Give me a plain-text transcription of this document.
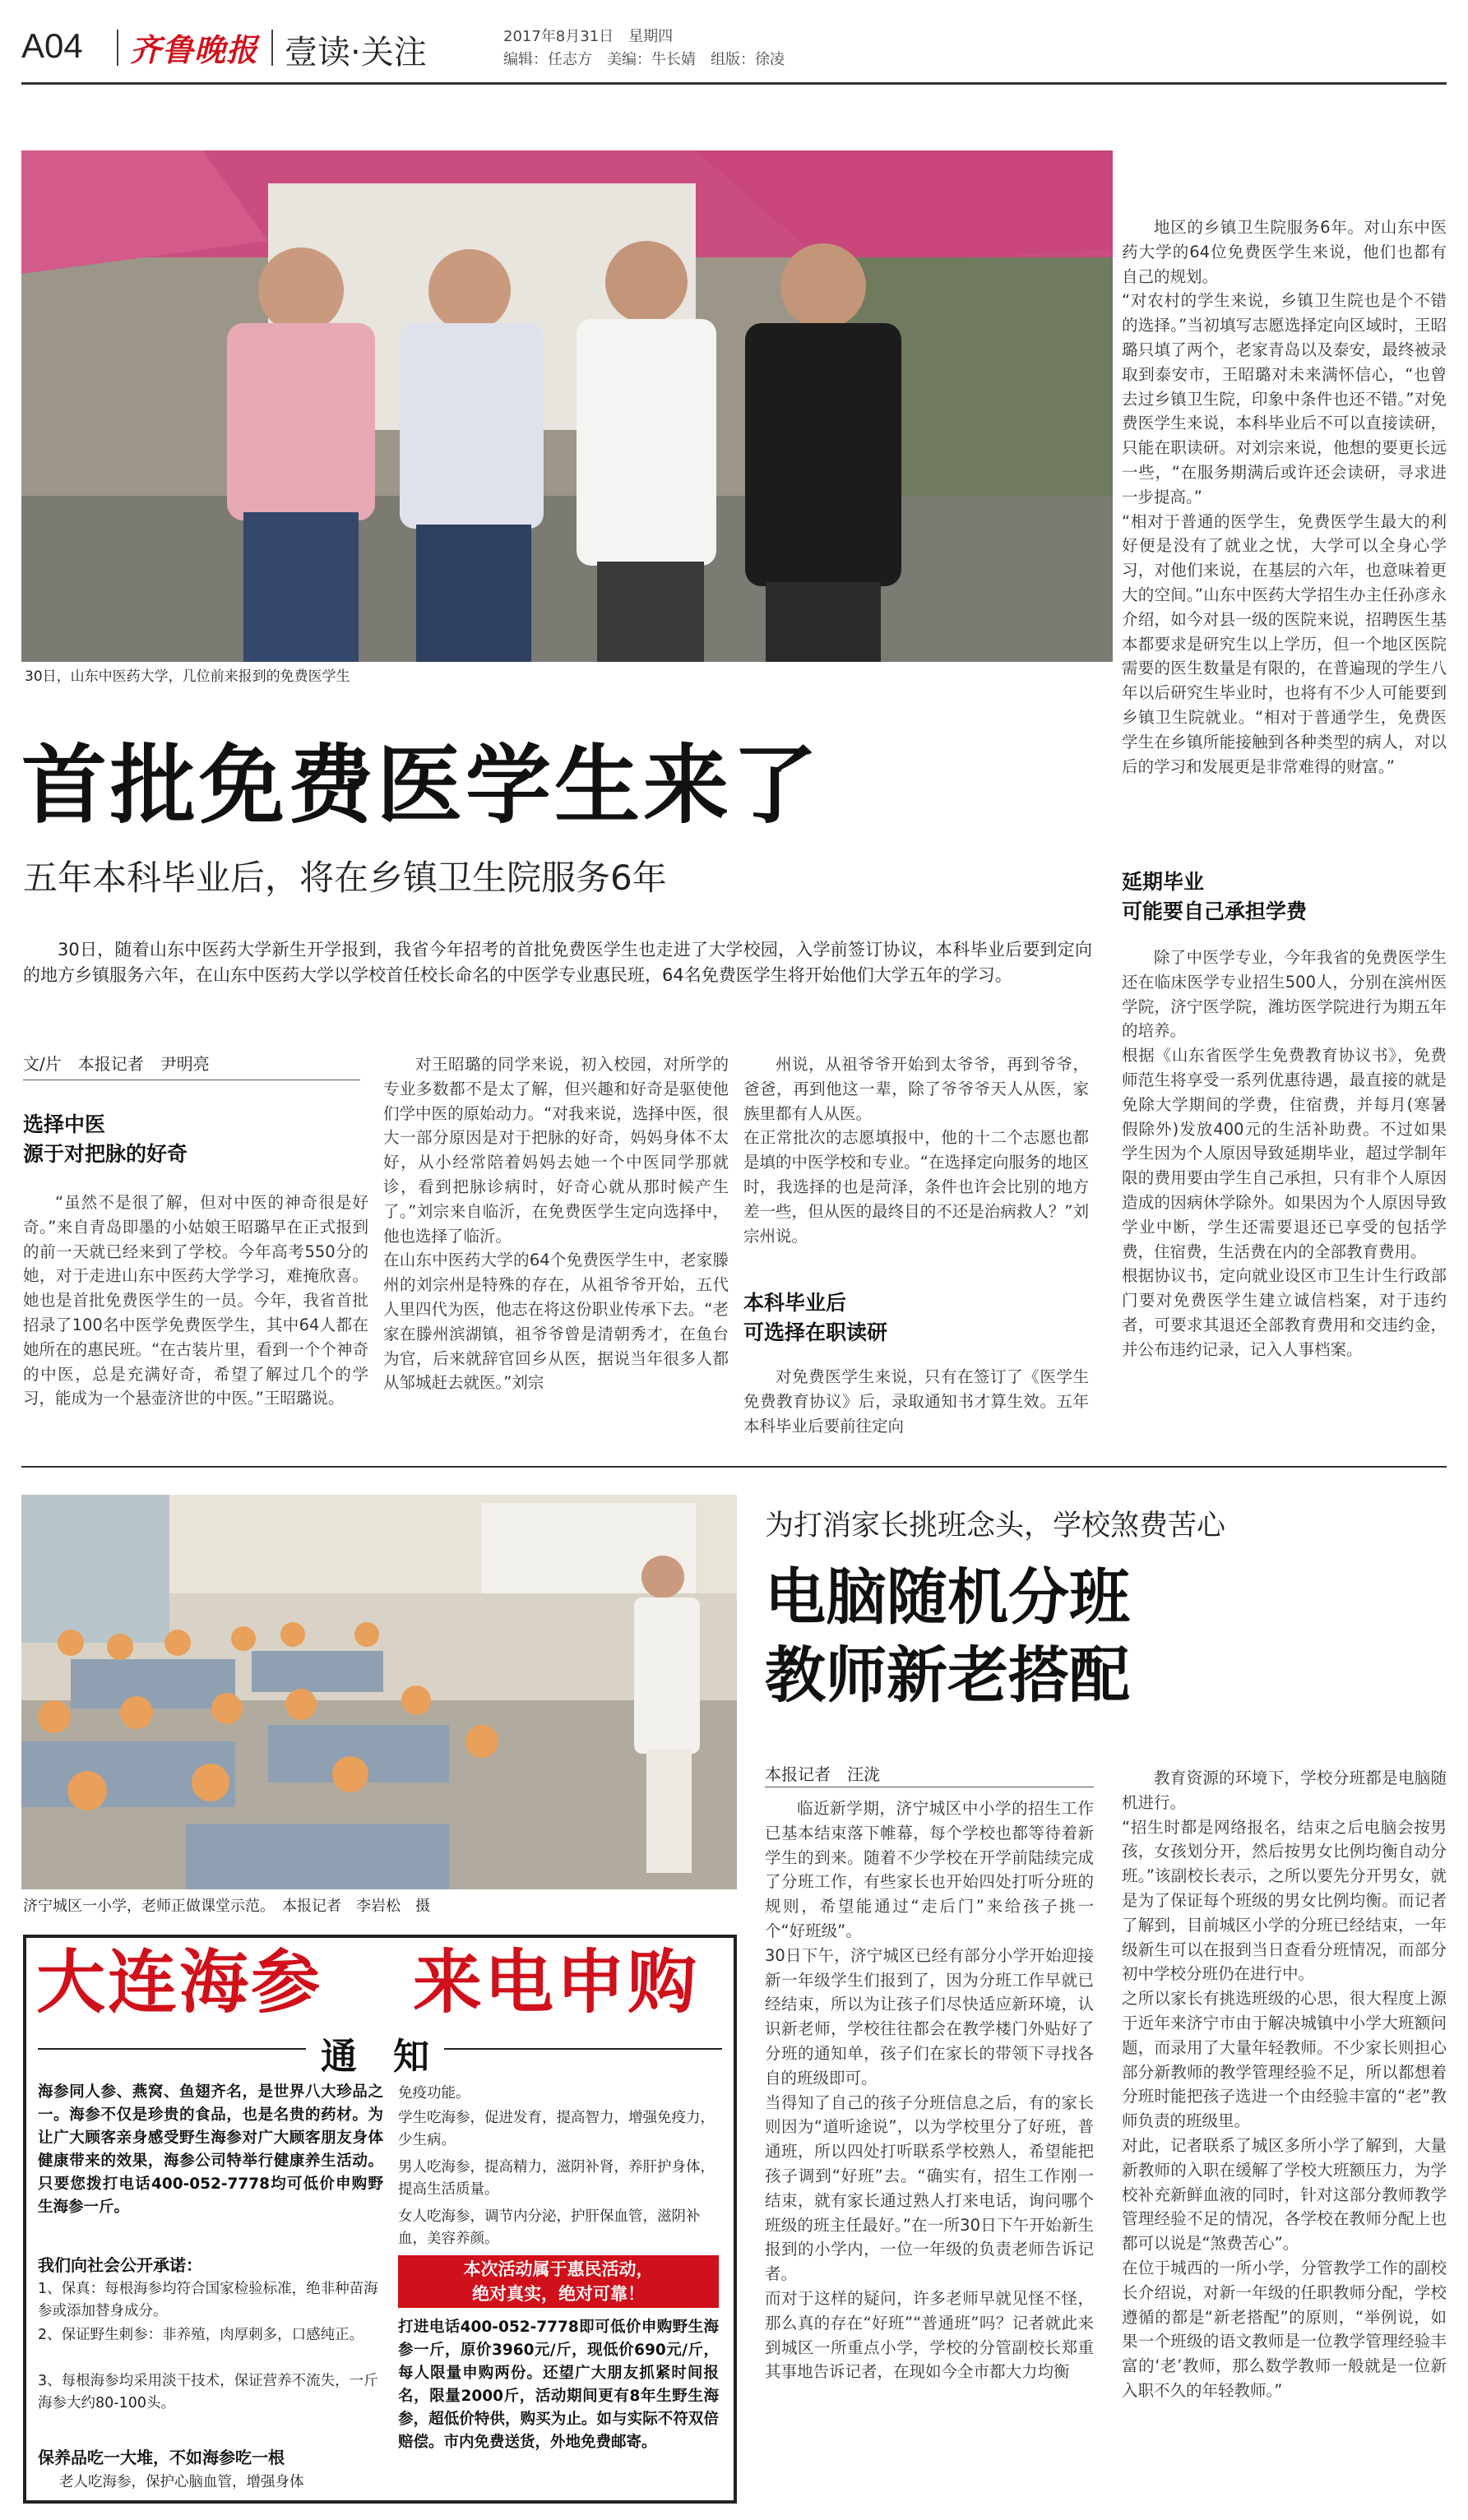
A04 齐鲁晚报 壹读·关注	2017年8月31日　星期四
编辑：任志方　美编：牛长婧　组版：徐凌
30日，山东中医药大学，几位前来报到的免费医学生
首批免费医学生来了
五年本科毕业后，将在乡镇卫生院服务6年
30日，随着山东中医药大学新生开学报到，我省今年招考的首批免费医学生也走进了大学校园，入学前签订协议，本科毕业后要到定向的地方乡镇服务六年，在山东中医药大学以学校首任校长命名的中医学专业惠民班，64名免费医学生将开始他们大学五年的学习。
文/片　本报记者　尹明亮
选择中医
源于对把脉的好奇

“虽然不是很了解，但对中医的神奇很是好奇。”来自青岛即墨的小姑娘王昭璐早在正式报到的前一天就已经来到了学校。今年高考550分的她，对于走进山东中医药大学学习，难掩欣喜。她也是首批免费医学生的一员。今年，我省首批招录了100名中医学免费医学生，其中64人都在她所在的惠民班。“在古装片里，看到一个个神奇的中医，总是充满好奇，希望了解过几个的学习，能成为一个悬壶济世的中医。”王昭璐说。

对王昭璐的同学来说，初入校园，对所学的专业多数都不是太了解，但兴趣和好奇是驱使他们学中医的原始动力。“对我来说，选择中医，很大一部分原因是对于把脉的好奇，妈妈身体不太好，从小经常陪着妈妈去她一个中医同学那就诊，看到把脉诊病时，好奇心就从那时候产生了。”刘宗来自临沂，在免费医学生定向选择中，他也选择了临沂。
在山东中医药大学的64个免费医学生中，老家滕州的刘宗州是特殊的存在，从祖爷爷开始，五代人里四代为医，他志在将这份职业传承下去。“老家在滕州滨湖镇，祖爷爷曾是清朝秀才，在鱼台为官，后来就辞官回乡从医，据说当年很多人都从邹城赶去就医。”刘宗

州说，从祖爷爷开始到太爷爷，再到爷爷，爸爸，再到他这一辈，除了爷爷爷天人从医，家族里都有人从医。
在正常批次的志愿填报中，他的十二个志愿也都是填的中医学校和专业。“在选择定向服务的地区时，我选择的也是菏泽，条件也许会比别的地方差一些，但从医的最终目的不还是治病救人？”刘宗州说。

本科毕业后
可选择在职读研

对免费医学生来说，只有在签订了《医学生免费教育协议》后，录取通知书才算生效。五年本科毕业后要前往定向

地区的乡镇卫生院服务6年。对山东中医药大学的64位免费医学生来说，他们也都有自己的规划。
“对农村的学生来说，乡镇卫生院也是个不错的选择。”当初填写志愿选择定向区域时，王昭璐只填了两个，老家青岛以及泰安，最终被录取到泰安市，王昭璐对未来满怀信心，“也曾去过乡镇卫生院，印象中条件也还不错。”对免费医学生来说，本科毕业后不可以直接读研，只能在职读研。对刘宗来说，他想的要更长远一些，“在服务期满后或许还会读研，寻求进一步提高。”
“相对于普通的医学生，免费医学生最大的利好便是没有了就业之忧，大学可以全身心学习，对他们来说，在基层的六年，也意味着更大的空间。”山东中医药大学招生办主任孙彦永介绍，如今对县一级的医院来说，招聘医生基本都要求是研究生以上学历，但一个地区医院需要的医生数量是有限的，在普遍现的学生八年以后研究生毕业时，也将有不少人可能要到乡镇卫生院就业。“相对于普通学生，免费医学生在乡镇所能接触到各种类型的病人，对以后的学习和发展更是非常难得的财富。”

延期毕业
可能要自己承担学费

除了中医学专业，今年我省的免费医学生还在临床医学专业招生500人，分别在滨州医学院，济宁医学院，潍坊医学院进行为期五年的培养。
根据《山东省医学生免费教育协议书》，免费师范生将享受一系列优惠待遇，最直接的就是免除大学期间的学费，住宿费，并每月(寒暑假除外)发放400元的生活补助费。不过如果学生因为个人原因导致延期毕业，超过学制年限的费用要由学生自己承担，只有非个人原因造成的因病休学除外。如果因为个人原因导致学业中断，学生还需要退还已享受的包括学费，住宿费，生活费在内的全部教育费用。
根据协议书，定向就业设区市卫生计生行政部门要对免费医学生建立诚信档案，对于违约者，可要求其退还全部教育费用和交违约金，并公布违约记录，记入人事档案。

济宁城区一小学，老师正做课堂示范。　本报记者　李岩松　摄
为打消家长挑班念头，学校煞费苦心
电脑随机分班
教师新老搭配
本报记者　汪泷

临近新学期，济宁城区中小学的招生工作已基本结束落下帷幕，每个学校也都等待着新学生的到来。随着不少学校在开学前陆续完成了分班工作，有些家长也开始四处打听分班的规则，希望能通过“走后门”来给孩子挑一个“好班级”。
30日下午，济宁城区已经有部分小学开始迎接新一年级学生们报到了，因为分班工作早就已经结束，所以为让孩子们尽快适应新环境，认识新老师，学校往往都会在教学楼门外贴好了分班的通知单，孩子们在家长的带领下寻找各自的班级即可。
当得知了自己的孩子分班信息之后，有的家长则因为“道听途说”，以为学校里分了好班，普通班，所以四处打听联系学校熟人，希望能把孩子调到“好班”去。“确实有，招生工作刚一结束，就有家长通过熟人打来电话，询问哪个班级的班主任最好。”在一所30日下午开始新生报到的小学内，一位一年级的负责老师告诉记者。
而对于这样的疑问，许多老师早就见怪不怪，那么真的存在“好班”“普通班”吗？记者就此来到城区一所重点小学，学校的分管副校长郑重其事地告诉记者，在现如今全市都大力均衡

教育资源的环境下，学校分班都是电脑随机进行。
“招生时都是网络报名，结束之后电脑会按男孩，女孩划分开，然后按男女比例均衡自动分班。”该副校长表示，之所以要先分开男女，就是为了保证每个班级的男女比例均衡。而记者了解到，目前城区小学的分班已经结束，一年级新生可以在报到当日查看分班情况，而部分初中学校分班仍在进行中。
之所以家长有挑选班级的心思，很大程度上源于近年来济宁市由于解决城镇中小学大班额问题，而录用了大量年轻教师。不少家长则担心部分新教师的教学管理经验不足，所以都想着分班时能把孩子选进一个由经验丰富的“老”教师负责的班级里。
对此，记者联系了城区多所小学了解到，大量新教师的入职在缓解了学校大班额压力，为学校补充新鲜血液的同时，针对这部分教师教学管理经验不足的情况，各学校在教师分配上也都可以说是“煞费苦心”。
在位于城西的一所小学，分管教学工作的副校长介绍说，对新一年级的任职教师分配，学校遵循的都是“新老搭配”的原则，“举例说，如果一个班级的语文教师是一位教学管理经验丰富的‘老’教师，那么数学教师一般就是一位新入职不久的年轻教师。”

大连海参 来电申购
通　知
海参同人参、燕窝、鱼翅齐名，是世界八大珍品之一。海参不仅是珍贵的食品，也是名贵的药材。为让广大顾客亲身感受野生海参对广大顾客朋友身体健康带来的效果，海参公司特举行健康养生活动。只要您拨打电话400-052-7778均可低价申购野生海参一斤。
我们向社会公开承诺：
1、保真：每根海参均符合国家检验标准，绝非种苗海参或添加替身成分。
2、保证野生刺参：非养殖，肉厚刺多，口感纯正。
3、每根海参均采用淡干技术，保证营养不流失，一斤海参大约80-100头。
保养品吃一大堆，不如海参吃一根
老人吃海参，保护心脑血管，增强身体
免疫功能。
学生吃海参，促进发育，提高智力，增强免疫力，少生病。
男人吃海参，提高精力，滋阴补肾，养肝护身体，提高生活质量。
女人吃海参，调节内分泌，护肝保血管，滋阴补血，美容养颜。
本次活动属于惠民活动，
绝对真实，绝对可靠！
打进电话400-052-7778即可低价申购野生海参一斤，原价3960元/斤，现低价690元/斤，每人限量申购两份。还望广大朋友抓紧时间报名，限量2000斤，活动期间更有8年生野生海参，超低价特供，购买为止。如与实际不符双倍赔偿。市内免费送货，外地免费邮寄。
